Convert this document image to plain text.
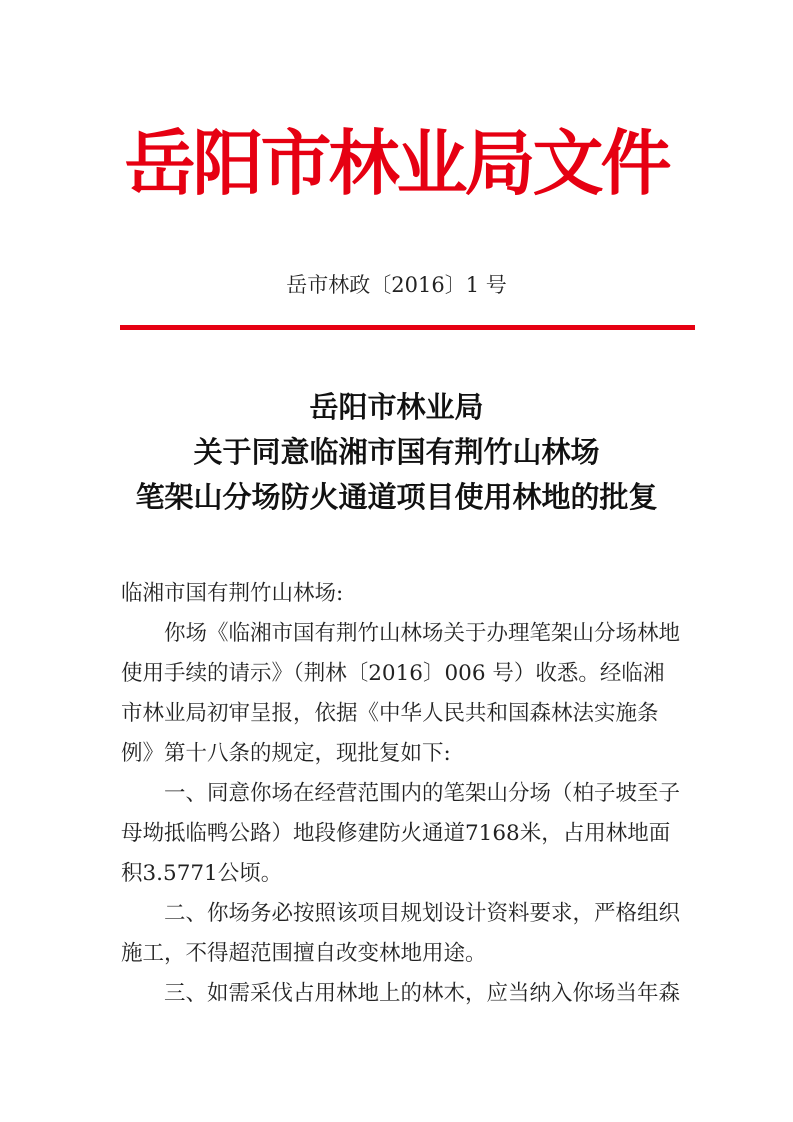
岳阳市林业局文件
岳市林政〔2016〕1 号
岳阳市林业局
关于同意临湘市国有荆竹山林场
笔架山分场防火通道项目使用林地的批复

临湘市国有荆竹山林场:

你场《临湘市国有荆竹山林场关于办理笔架山分场林地使用手续的请示》（荆林〔2016〕006 号）收悉。经临湘市林业局初审呈报，依据《中华人民共和国森林法实施条例》第十八条的规定，现批复如下:

一、同意你场在经营范围内的笔架山分场（柏子坡至子母坳抵临鸭公路）地段修建防火通道7168米，占用林地面积3.5771公顷。

二、你场务必按照该项目规划设计资料要求，严格组织施工，不得超范围擅自改变林地用途。

三、如需采伐占用林地上的林木，应当纳入你场当年森
